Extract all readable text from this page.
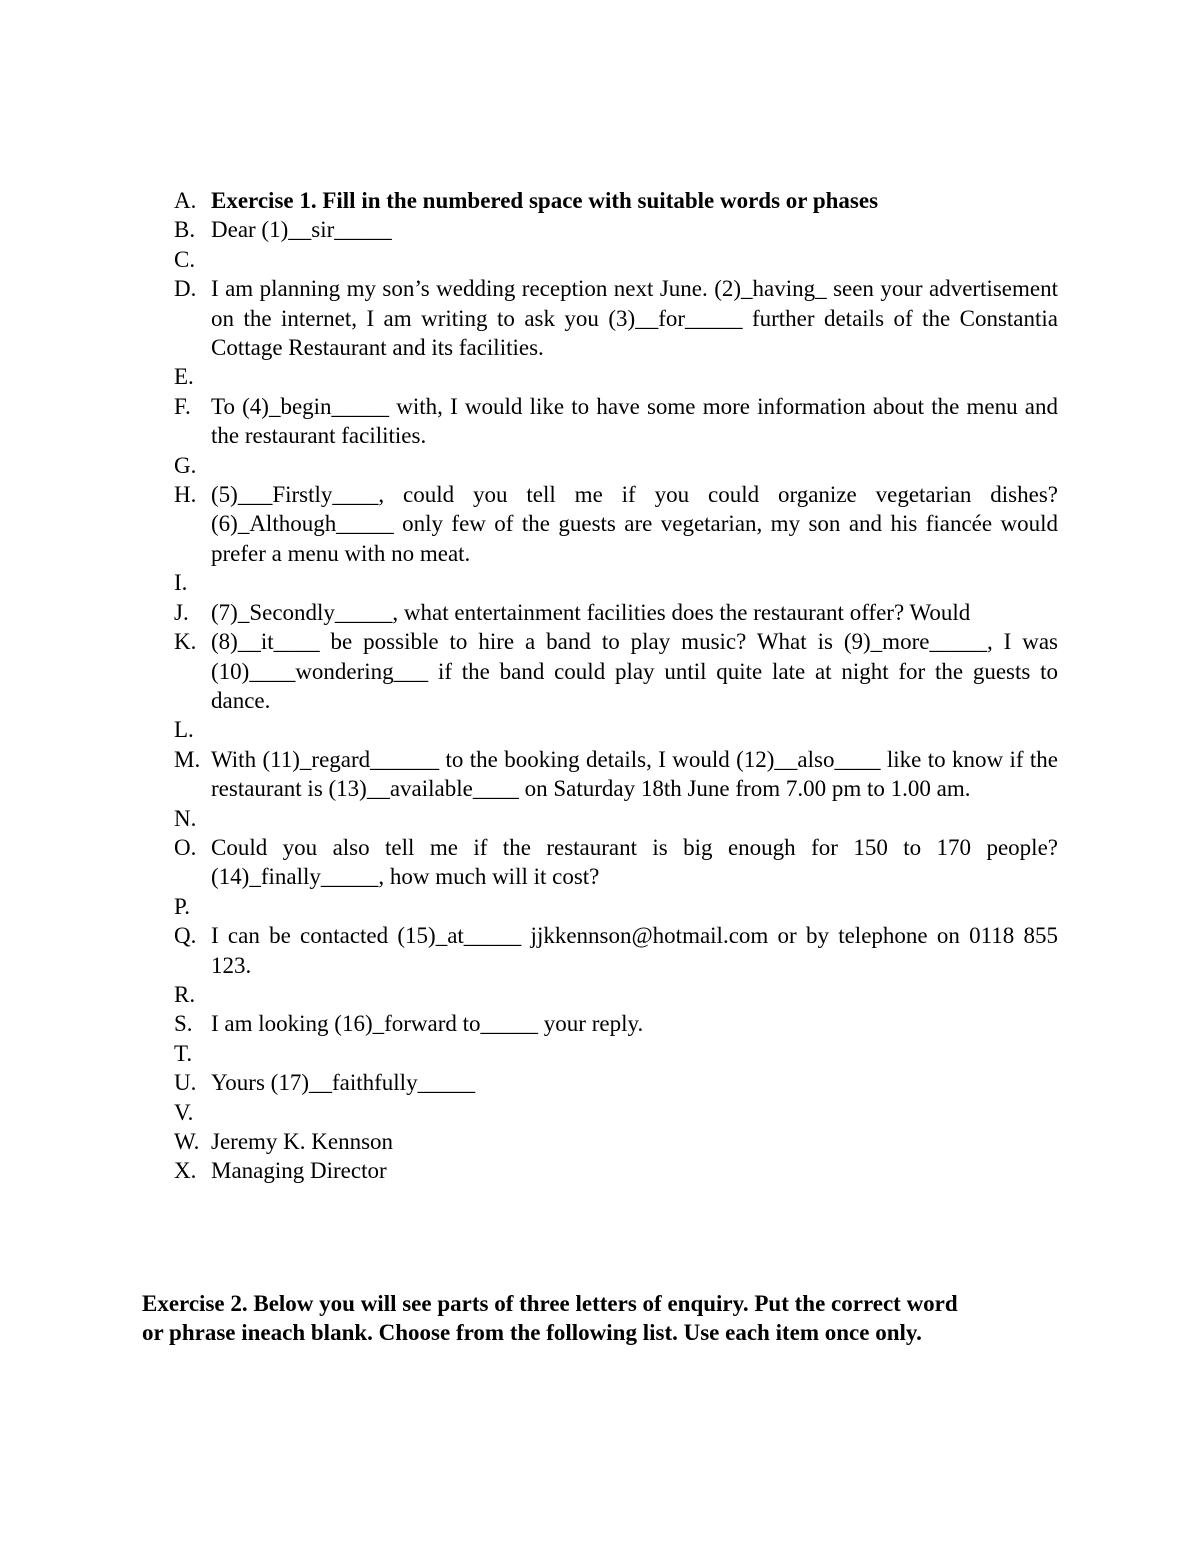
A. Exercise 1. Fill in the numbered space with suitable words or phases
B. Dear (1)__sir_____
C.
D. I am planning my son’s wedding reception next June. (2)_having_ seen your advertisement on the internet, I am writing to ask you (3)__for_____ further details of the Constantia Cottage Restaurant and its facilities.
E.
F. To (4)_begin_____ with, I would like to have some more information about the menu and the restaurant facilities.
G.
H. (5)___Firstly____, could you tell me if you could organize vegetarian dishes? (6)_Although_____ only few of the guests are vegetarian, my son and his fiancée would prefer a menu with no meat.
I.
J. (7)_Secondly_____, what entertainment facilities does the restaurant offer? Would
K. (8)__it____ be possible to hire a band to play music? What is (9)_more_____, I was (10)____wondering___ if the band could play until quite late at night for the guests to dance.
L.
M. With (11)_regard______ to the booking details, I would (12)__also____ like to know if the restaurant is (13)__available____ on Saturday 18th June from 7.00 pm to 1.00 am.
N.
O. Could you also tell me if the restaurant is big enough for 150 to 170 people? (14)_finally_____, how much will it cost?
P.
Q. I can be contacted (15)_at_____ jjkkennson@hotmail.com or by telephone on 0118 855 123.
R.
S. I am looking (16)_forward to_____ your reply.
T.
U. Yours (17)__faithfully_____
V.
W. Jeremy K. Kennson
X. Managing Director

Exercise 2. Below you will see parts of three letters of enquiry. Put the correct word
or phrase ineach blank. Choose from the following list. Use each item once only.
